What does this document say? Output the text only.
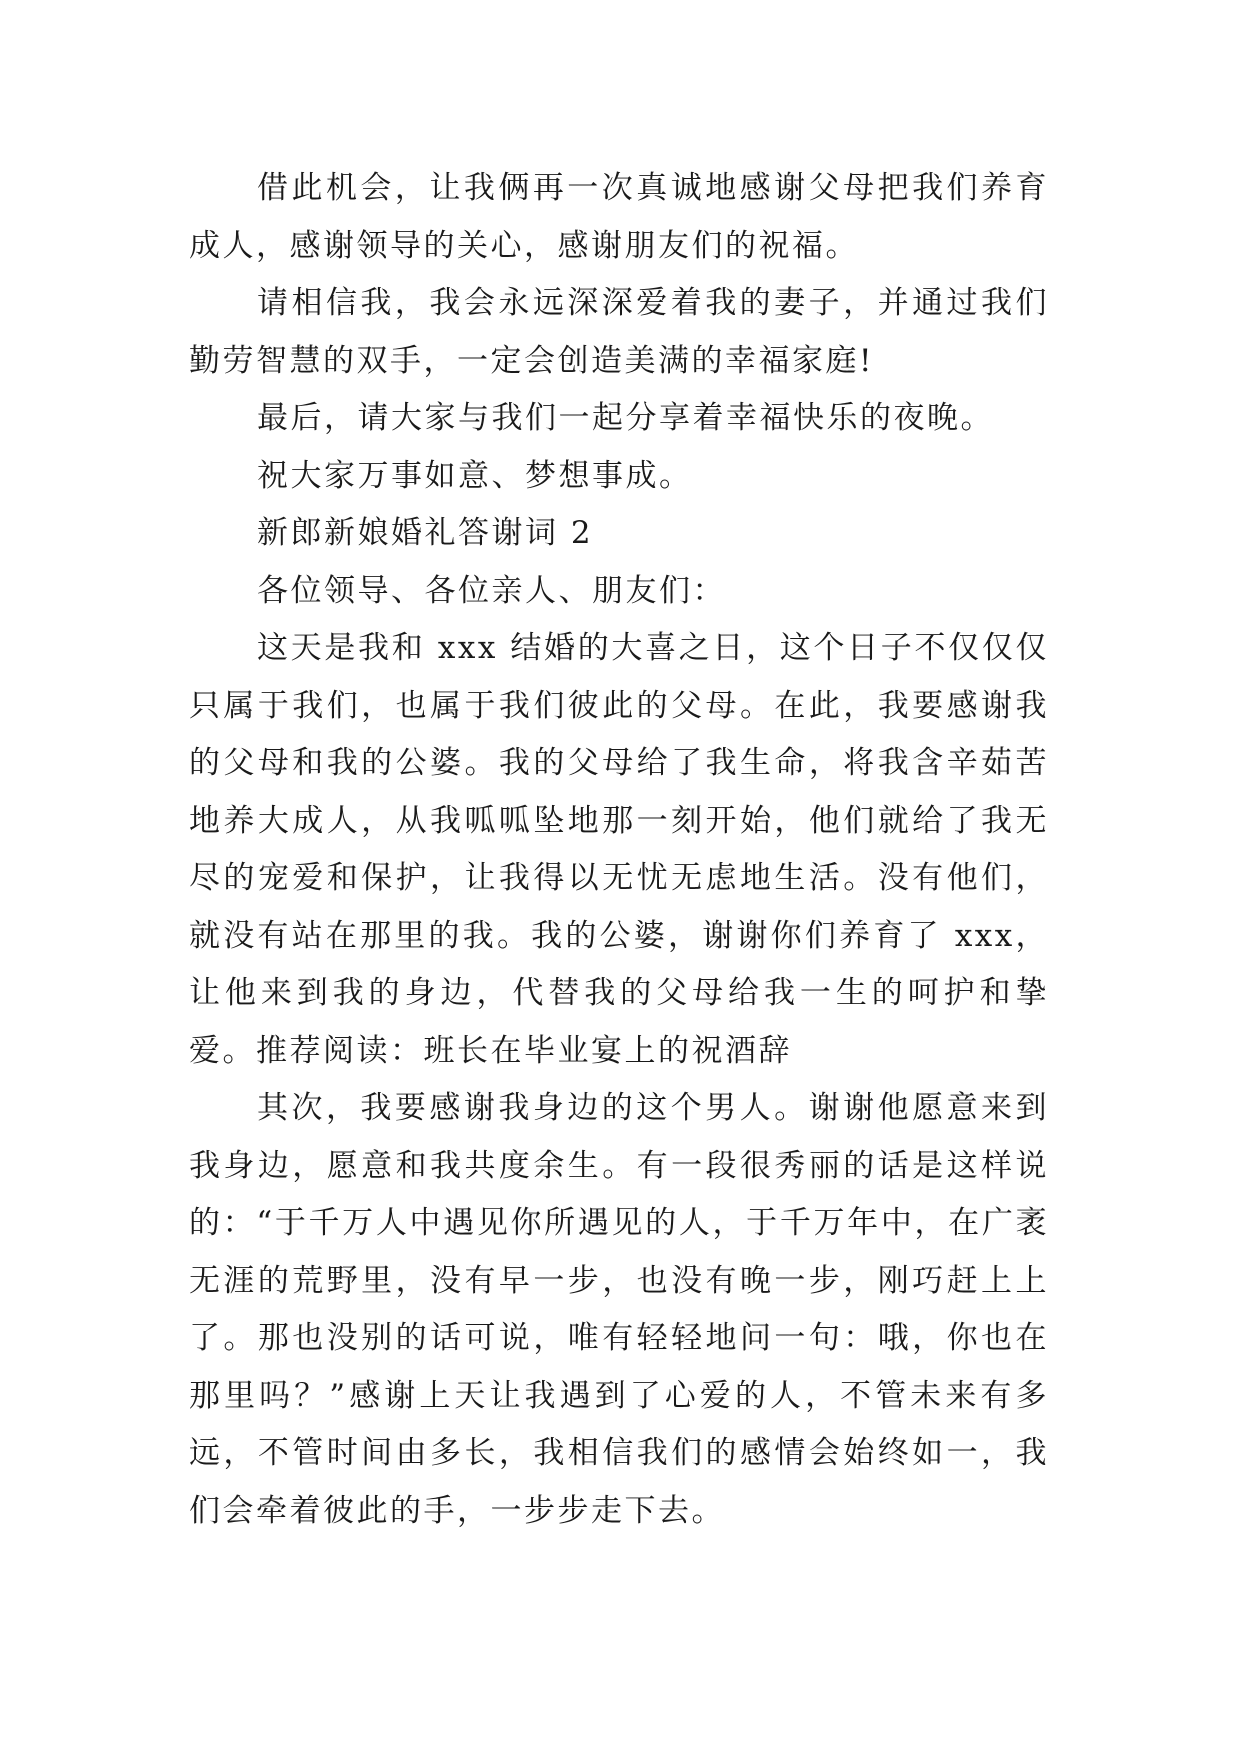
借此机会，让我俩再一次真诚地感谢父母把我们养育成人，感谢领导的关心，感谢朋友们的祝福。

请相信我，我会永远深深爱着我的妻子，并通过我们勤劳智慧的双手，一定会创造美满的幸福家庭!

最后，请大家与我们一起分享着幸福快乐的夜晚。

祝大家万事如意、梦想事成。

新郎新娘婚礼答谢词 2

各位领导、各位亲人、朋友们：

这天是我和 xxx 结婚的大喜之日，这个日子不仅仅仅只属于我们，也属于我们彼此的父母。在此，我要感谢我的父母和我的公婆。我的父母给了我生命，将我含辛茹苦地养大成人，从我呱呱坠地那一刻开始，他们就给了我无尽的宠爱和保护，让我得以无忧无虑地生活。没有他们，就没有站在那里的我。我的公婆，谢谢你们养育了 xxx，让他来到我的身边，代替我的父母给我一生的呵护和挚爱。推荐阅读：班长在毕业宴上的祝酒辞

其次，我要感谢我身边的这个男人。谢谢他愿意来到我身边，愿意和我共度余生。有一段很秀丽的话是这样说的：“于千万人中遇见你所遇见的人，于千万年中，在广袤无涯的荒野里，没有早一步，也没有晚一步，刚巧赶上上了。那也没别的话可说，唯有轻轻地问一句：哦，你也在那里吗？”感谢上天让我遇到了心爱的人，不管未来有多远，不管时间由多长，我相信我们的感情会始终如一，我们会牵着彼此的手，一步步走下去。
